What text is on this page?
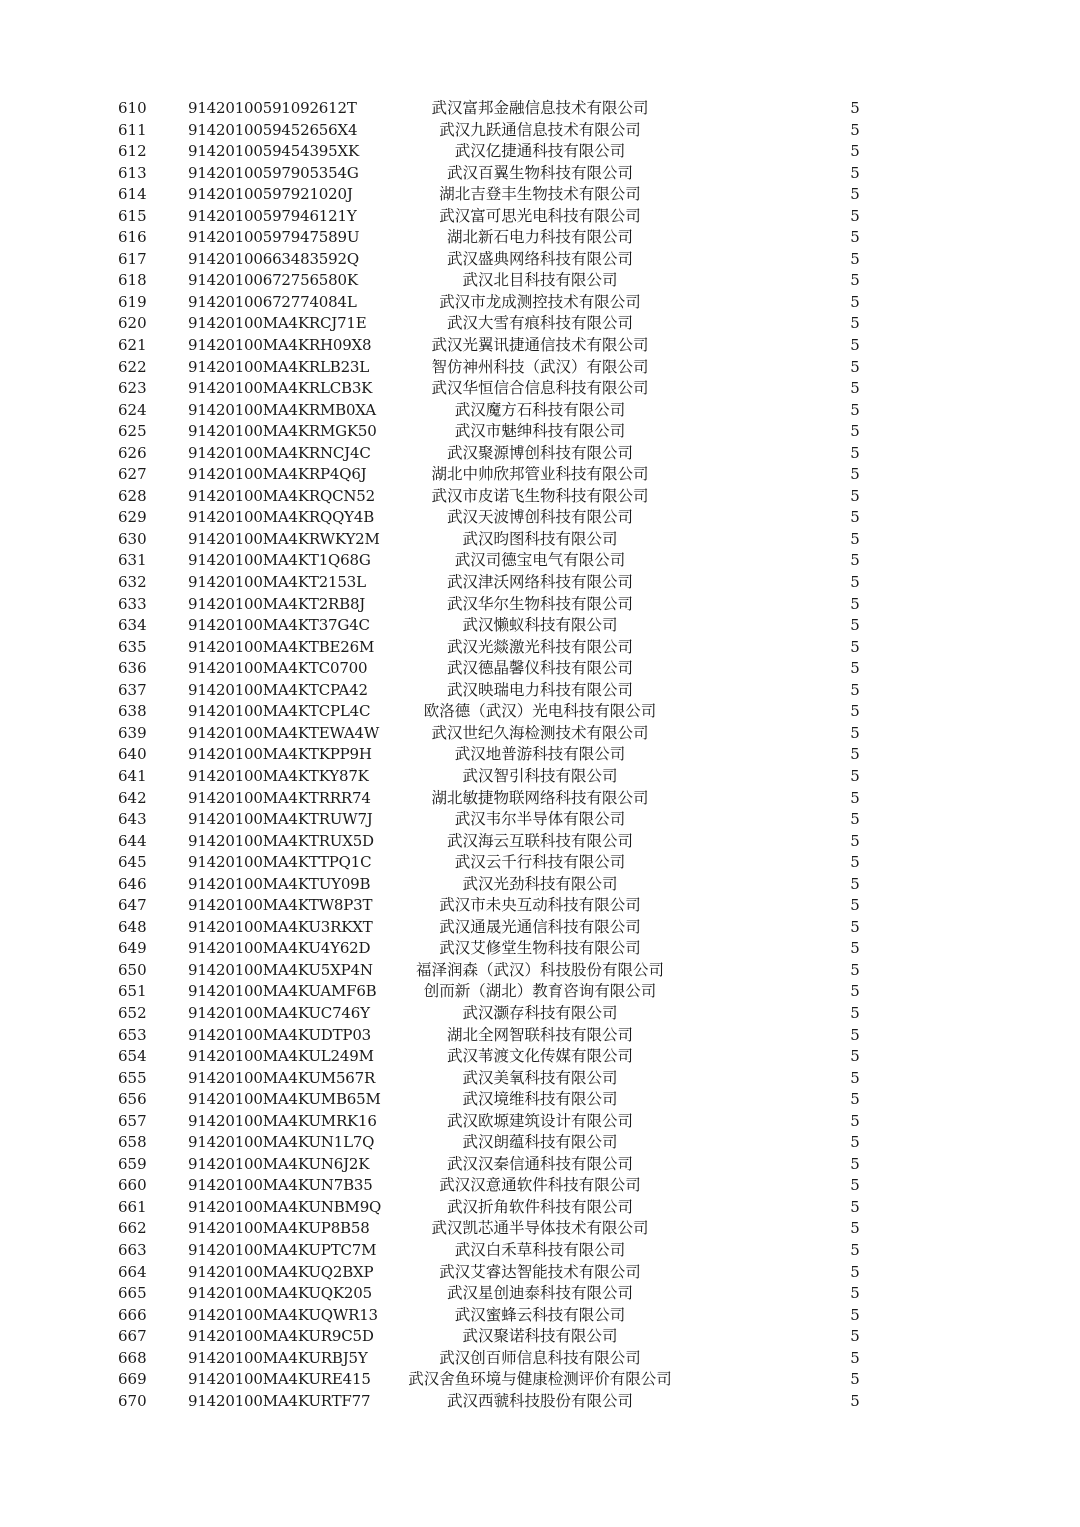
610	91420100591092612T	武汉富邦金融信息技术有限公司	5
611	9142010059452656X4	武汉九跃通信息技术有限公司	5
612	9142010059454395XK	武汉亿捷通科技有限公司	5
613	91420100597905354G	武汉百翼生物科技有限公司	5
614	91420100597921020J	湖北吉登丰生物技术有限公司	5
615	91420100597946121Y	武汉富可思光电科技有限公司	5
616	91420100597947589U	湖北新石电力科技有限公司	5
617	91420100663483592Q	武汉盛典网络科技有限公司	5
618	91420100672756580K	武汉北目科技有限公司	5
619	91420100672774084L	武汉市龙成测控技术有限公司	5
620	91420100MA4KRCJ71E	武汉大雪有痕科技有限公司	5
621	91420100MA4KRH09X8	武汉光翼讯捷通信技术有限公司	5
622	91420100MA4KRLB23L	智仿神州科技（武汉）有限公司	5
623	91420100MA4KRLCB3K	武汉华恒信合信息科技有限公司	5
624	91420100MA4KRMB0XA	武汉魔方石科技有限公司	5
625	91420100MA4KRMGK50	武汉市魅绅科技有限公司	5
626	91420100MA4KRNCJ4C	武汉聚源博创科技有限公司	5
627	91420100MA4KRP4Q6J	湖北中帅欣邦管业科技有限公司	5
628	91420100MA4KRQCN52	武汉市皮诺飞生物科技有限公司	5
629	91420100MA4KRQQY4B	武汉天波博创科技有限公司	5
630	91420100MA4KRWKY2M	武汉昀图科技有限公司	5
631	91420100MA4KT1Q68G	武汉司德宝电气有限公司	5
632	91420100MA4KT2153L	武汉津沃网络科技有限公司	5
633	91420100MA4KT2RB8J	武汉华尔生物科技有限公司	5
634	91420100MA4KT37G4C	武汉懒蚁科技有限公司	5
635	91420100MA4KTBE26M	武汉光燚激光科技有限公司	5
636	91420100MA4KTC0700	武汉德晶馨仪科技有限公司	5
637	91420100MA4KTCPA42	武汉映瑞电力科技有限公司	5
638	91420100MA4KTCPL4C	欧洛德（武汉）光电科技有限公司	5
639	91420100MA4KTEWA4W	武汉世纪久海检测技术有限公司	5
640	91420100MA4KTKPP9H	武汉地普游科技有限公司	5
641	91420100MA4KTKY87K	武汉智引科技有限公司	5
642	91420100MA4KTRRR74	湖北敏捷物联网络科技有限公司	5
643	91420100MA4KTRUW7J	武汉韦尔半导体有限公司	5
644	91420100MA4KTRUX5D	武汉海云互联科技有限公司	5
645	91420100MA4KTTPQ1C	武汉云千行科技有限公司	5
646	91420100MA4KTUY09B	武汉光劲科技有限公司	5
647	91420100MA4KTW8P3T	武汉市未央互动科技有限公司	5
648	91420100MA4KU3RKXT	武汉通晟光通信科技有限公司	5
649	91420100MA4KU4Y62D	武汉艾修堂生物科技有限公司	5
650	91420100MA4KU5XP4N	福泽润森（武汉）科技股份有限公司	5
651	91420100MA4KUAMF6B	创而新（湖北）教育咨询有限公司	5
652	91420100MA4KUC746Y	武汉灏存科技有限公司	5
653	91420100MA4KUDTP03	湖北全网智联科技有限公司	5
654	91420100MA4KUL249M	武汉苇渡文化传媒有限公司	5
655	91420100MA4KUM567R	武汉美氧科技有限公司	5
656	91420100MA4KUMB65M	武汉境维科技有限公司	5
657	91420100MA4KUMRK16	武汉欧塬建筑设计有限公司	5
658	91420100MA4KUN1L7Q	武汉朗蕴科技有限公司	5
659	91420100MA4KUN6J2K	武汉汉秦信通科技有限公司	5
660	91420100MA4KUN7B35	武汉汉意通软件科技有限公司	5
661	91420100MA4KUNBM9Q	武汉折角软件科技有限公司	5
662	91420100MA4KUP8B58	武汉凯芯通半导体技术有限公司	5
663	91420100MA4KUPTC7M	武汉白禾草科技有限公司	5
664	91420100MA4KUQ2BXP	武汉艾睿达智能技术有限公司	5
665	91420100MA4KUQK205	武汉星创迪泰科技有限公司	5
666	91420100MA4KUQWR13	武汉蜜蜂云科技有限公司	5
667	91420100MA4KUR9C5D	武汉聚诺科技有限公司	5
668	91420100MA4KURBJ5Y	武汉创百师信息科技有限公司	5
669	91420100MA4KURE415	武汉舍鱼环境与健康检测评价有限公司	5
670	91420100MA4KURTF77	武汉西虢科技股份有限公司	5
